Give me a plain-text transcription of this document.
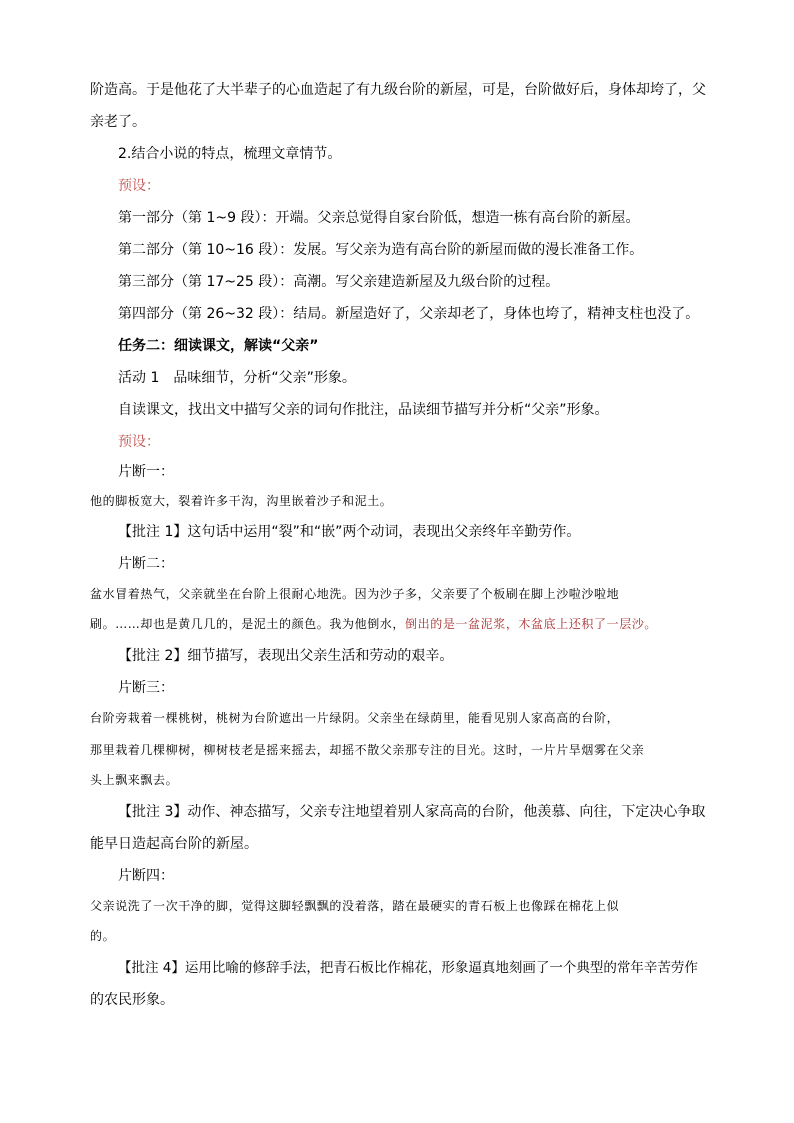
阶造高。于是他花了大半辈子的心血造起了有九级台阶的新屋，可是，台阶做好后，身体却垮了，父
亲老了。
2.结合小说的特点，梳理文章情节。
预设：
第一部分（第 1~9 段）：开端。父亲总觉得自家台阶低，想造一栋有高台阶的新屋。
第二部分（第 10~16 段）：发展。写父亲为造有高台阶的新屋而做的漫长准备工作。
第三部分（第 17~25 段）：高潮。写父亲建造新屋及九级台阶的过程。
第四部分（第 26~32 段）：结局。新屋造好了，父亲却老了，身体也垮了，精神支柱也没了。
任务二：细读课文，解读“父亲”
活动 1　品味细节，分析“父亲”形象。
自读课文，找出文中描写父亲的词句作批注，品读细节描写并分析“父亲”形象。
预设：
片断一：
他的脚板宽大，裂着许多干沟，沟里嵌着沙子和泥土。
【批注 1】这句话中运用“裂”和“嵌”两个动词，表现出父亲终年辛勤劳作。
片断二：
盆水冒着热气，父亲就坐在台阶上很耐心地洗。因为沙子多，父亲要了个板刷在脚上沙啦沙啦地
刷。……却也是黄几几的，是泥土的颜色。我为他倒水，倒出的是一盆泥浆，木盆底上还积了一层沙。
【批注 2】细节描写，表现出父亲生活和劳动的艰辛。
片断三：
台阶旁栽着一棵桃树，桃树为台阶遮出一片绿阴。父亲坐在绿荫里，能看见别人家高高的台阶，
那里栽着几棵柳树，柳树枝老是摇来摇去，却摇不散父亲那专注的目光。这时，一片片旱烟雾在父亲
头上飘来飘去。
【批注 3】动作、神态描写，父亲专注地望着别人家高高的台阶，他羡慕、向往，下定决心争取
能早日造起高台阶的新屋。
片断四：
父亲说洗了一次干净的脚，觉得这脚轻飘飘的没着落，踏在最硬实的青石板上也像踩在棉花上似
的。
【批注 4】运用比喻的修辞手法，把青石板比作棉花，形象逼真地刻画了一个典型的常年辛苦劳作
的农民形象。
